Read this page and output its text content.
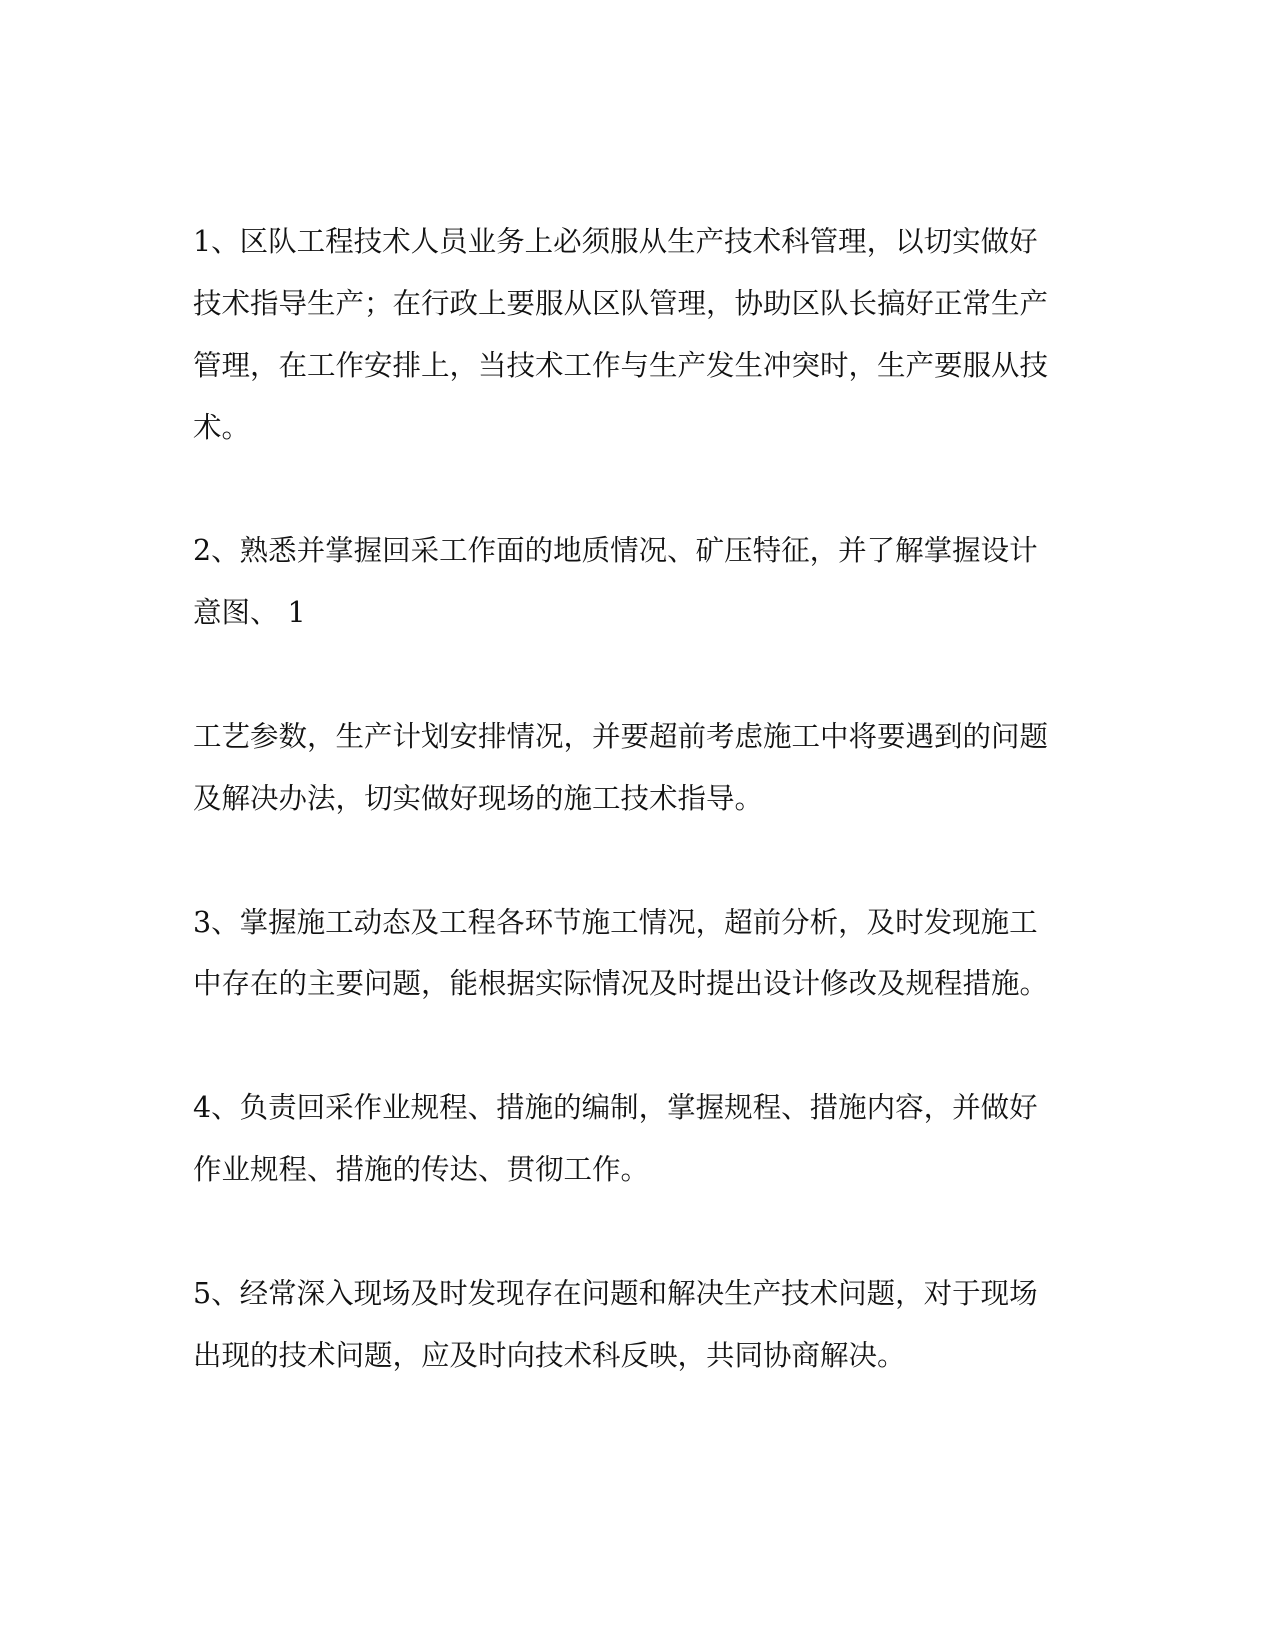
1、区队工程技术人员业务上必须服从生产技术科管理，以切实做好
技术指导生产；在行政上要服从区队管理，协助区队长搞好正常生产
管理，在工作安排上，当技术工作与生产发生冲突时，生产要服从技
术。
2、熟悉并掌握回采工作面的地质情况、矿压特征，并了解掌握设计
意图、 1
工艺参数，生产计划安排情况，并要超前考虑施工中将要遇到的问题
及解决办法，切实做好现场的施工技术指导。
3、掌握施工动态及工程各环节施工情况，超前分析，及时发现施工
中存在的主要问题，能根据实际情况及时提出设计修改及规程措施。
4、负责回采作业规程、措施的编制，掌握规程、措施内容，并做好
作业规程、措施的传达、贯彻工作。
5、经常深入现场及时发现存在问题和解决生产技术问题，对于现场
出现的技术问题，应及时向技术科反映，共同协商解决。
